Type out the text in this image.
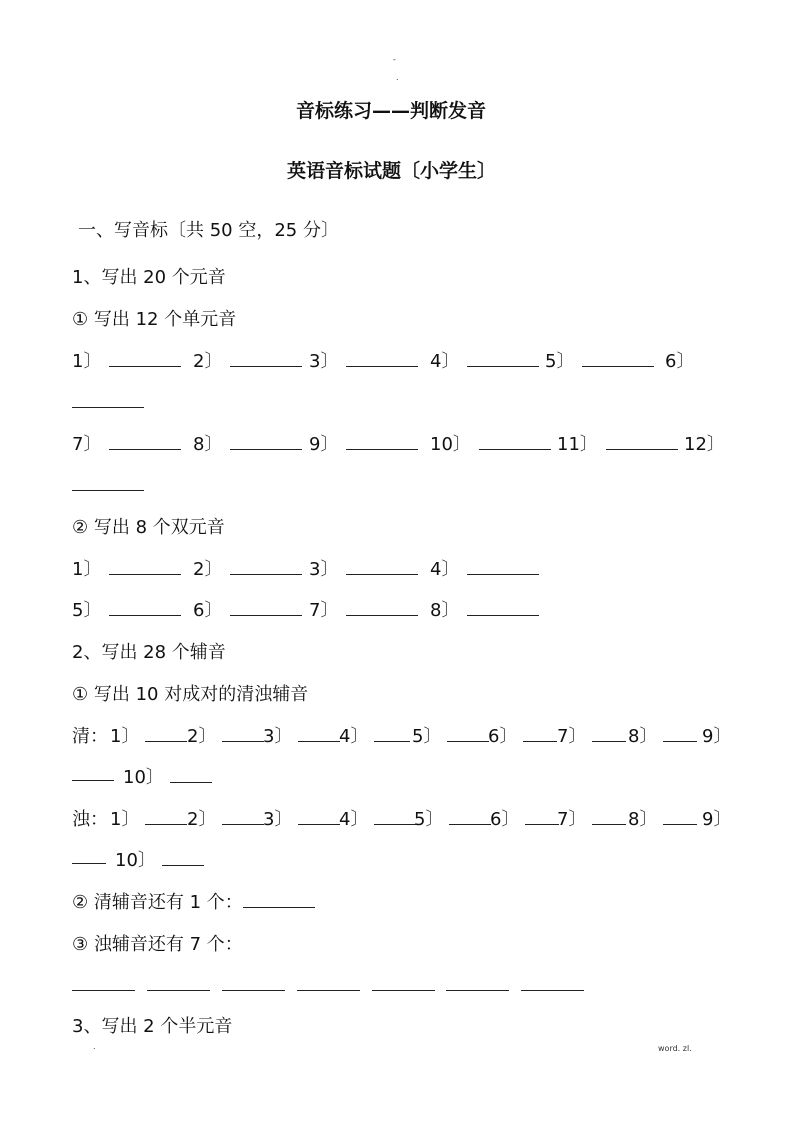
-
.
音标练习——判断发音
英语音标试题〔小学生〕
一、写音标〔共 50 空，25 分〕
1、写出 20 个元音
① 写出 12 个单元音
1〕	2〕	3〕	4〕	5〕	6〕
7〕	8〕	9〕	10〕	11〕	12〕
② 写出 8 个双元音
1〕	2〕	3〕	4〕
5〕	6〕	7〕	8〕
2、写出 28 个辅音
① 写出 10 对成对的清浊辅音
清： 1〕	2〕	3〕	4〕	5〕	6〕	7〕	8〕	9〕
10〕
浊： 1〕	2〕	3〕	4〕	5〕	6〕	7〕	8〕	9〕
10〕
② 清辅音还有 1 个：
③ 浊辅音还有 7 个：
3、写出 2 个半元音
.	word. zl.
